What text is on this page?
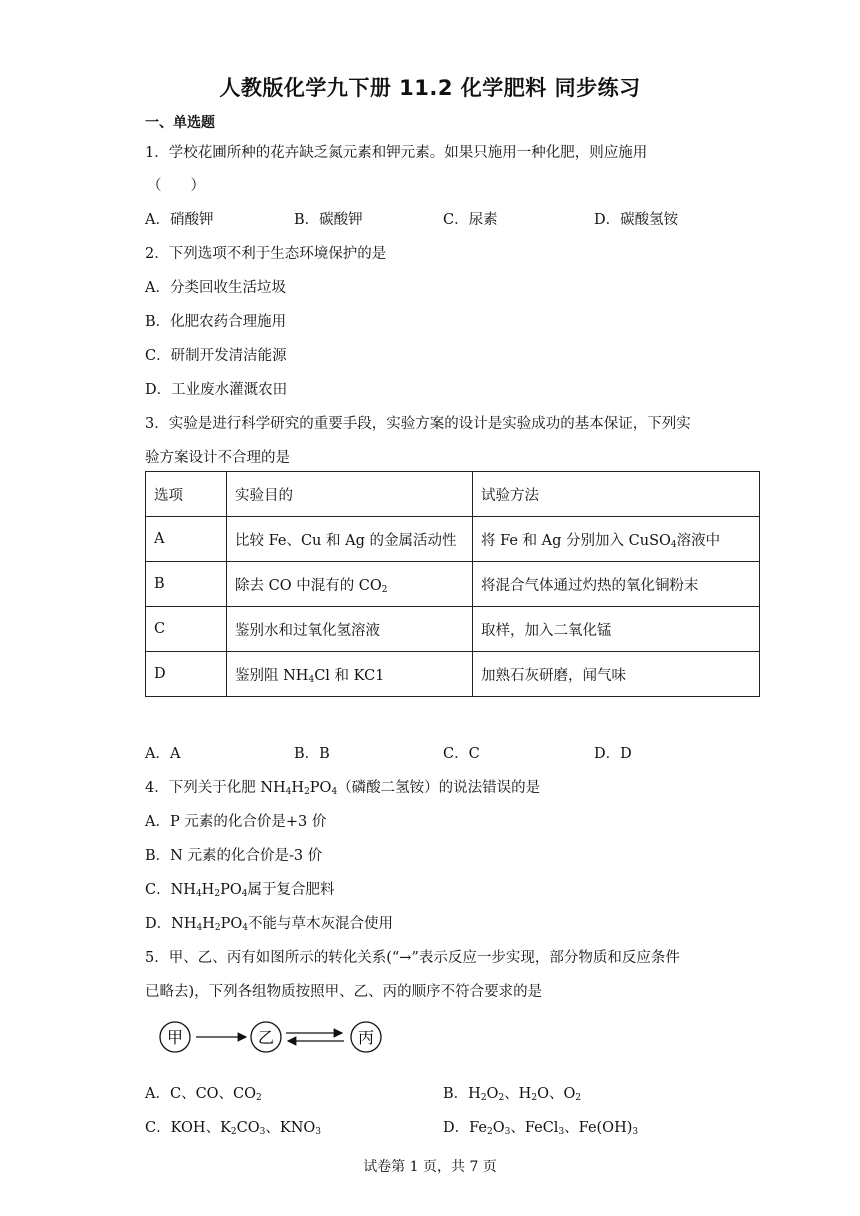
人教版化学九下册 11.2 化学肥料 同步练习
一、单选题
1．学校花圃所种的花卉缺乏氮元素和钾元素。如果只施用一种化肥，则应施用
（　　）
A．硝酸钾	B．碳酸钾	C．尿素	D．碳酸氢铵
2．下列选项不利于生态环境保护的是
A．分类回收生活垃圾
B．化肥农药合理施用
C．研制开发清洁能源
D．工业废水灌溉农田
3．实验是进行科学研究的重要手段，实验方案的设计是实验成功的基本保证，下列实
验方案设计不合理的是
选项	实验目的	试验方法
A	比较 Fe、Cu 和 Ag 的金属活动性	将 Fe 和 Ag 分别加入 CuSO$_4$溶液中
B	除去 CO 中混有的 $CO_2$	将混合气体通过灼热的氧化铜粉末
C	鉴别水和过氧化氢溶液	取样，加入二氧化锰
D	鉴别阻 $NH_4Cl$ 和 KC1	加熟石灰研磨，闻气味
A．A	B．B	C．C	D．D
4．下列关于化肥 $NH_4H_2PO_4$（磷酸二氢铵）的说法错误的是
A．P 元素的化合价是+3 价
B．N 元素的化合价是-3 价
C．$NH_4H_2PO_4$属于复合肥料
D．$NH_4H_2PO_4$不能与草木灰混合使用
5．甲、乙、丙有如图所示的转化关系(“→”表示反应一步实现，部分物质和反应条件
已略去)，下列各组物质按照甲、乙、丙的顺序不符合要求的是
甲	乙	丙
A．C、CO、$CO_2$	B．$H_2O_2$、$H_2O$、$O_2$
C．KOH、$K_2CO_3$、$KNO_3$	D．$Fe_2O_3$、FeCl$_3$、$Fe(OH)_3$
试卷第 1 页，共 7 页
